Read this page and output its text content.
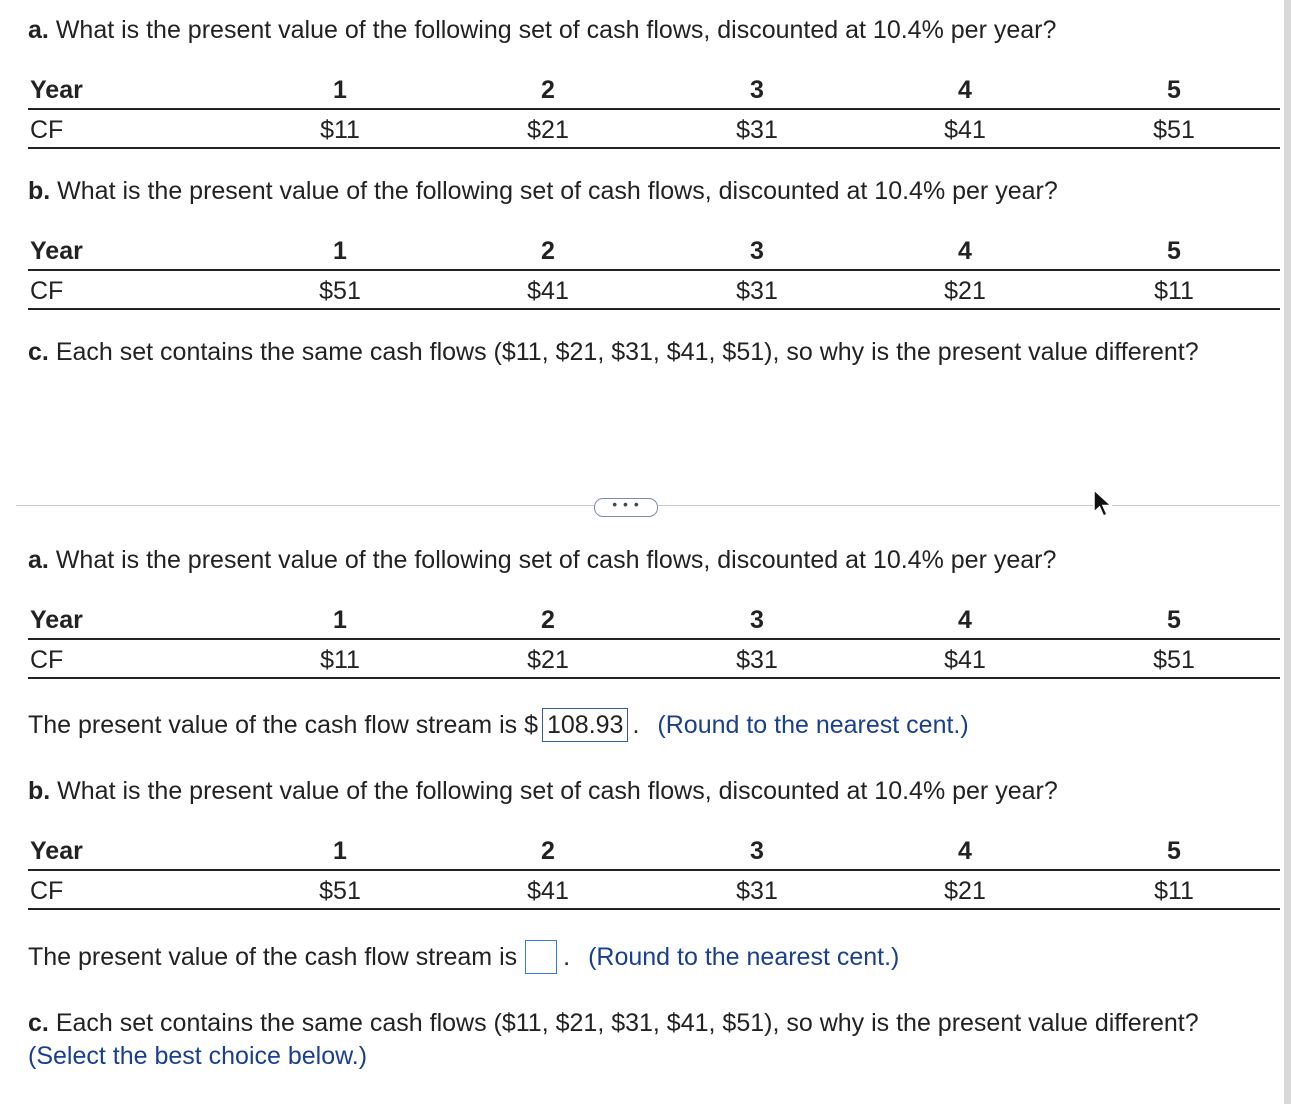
a. What is the present value of the following set of cash flows, discounted at 10.4% per year?
Year	1	2	3	4	5
CF	$11	$21	$31	$41	$51
b. What is the present value of the following set of cash flows, discounted at 10.4% per year?
Year	1	2	3	4	5
CF	$51	$41	$31	$21	$11
c. Each set contains the same cash flows ($11, $21, $31, $41, $51), so why is the present value different?
• • •
a. What is the present value of the following set of cash flows, discounted at 10.4% per year?
Year	1	2	3	4	5
CF	$11	$21	$31	$41	$51
The present value of the cash flow stream is $ 108.93 . (Round to the nearest cent.)
b. What is the present value of the following set of cash flows, discounted at 10.4% per year?
Year	1	2	3	4	5
CF	$51	$41	$31	$21	$11
The present value of the cash flow stream is . (Round to the nearest cent.)
c. Each set contains the same cash flows ($11, $21, $31, $41, $51), so why is the present value different?
(Select the best choice below.)
